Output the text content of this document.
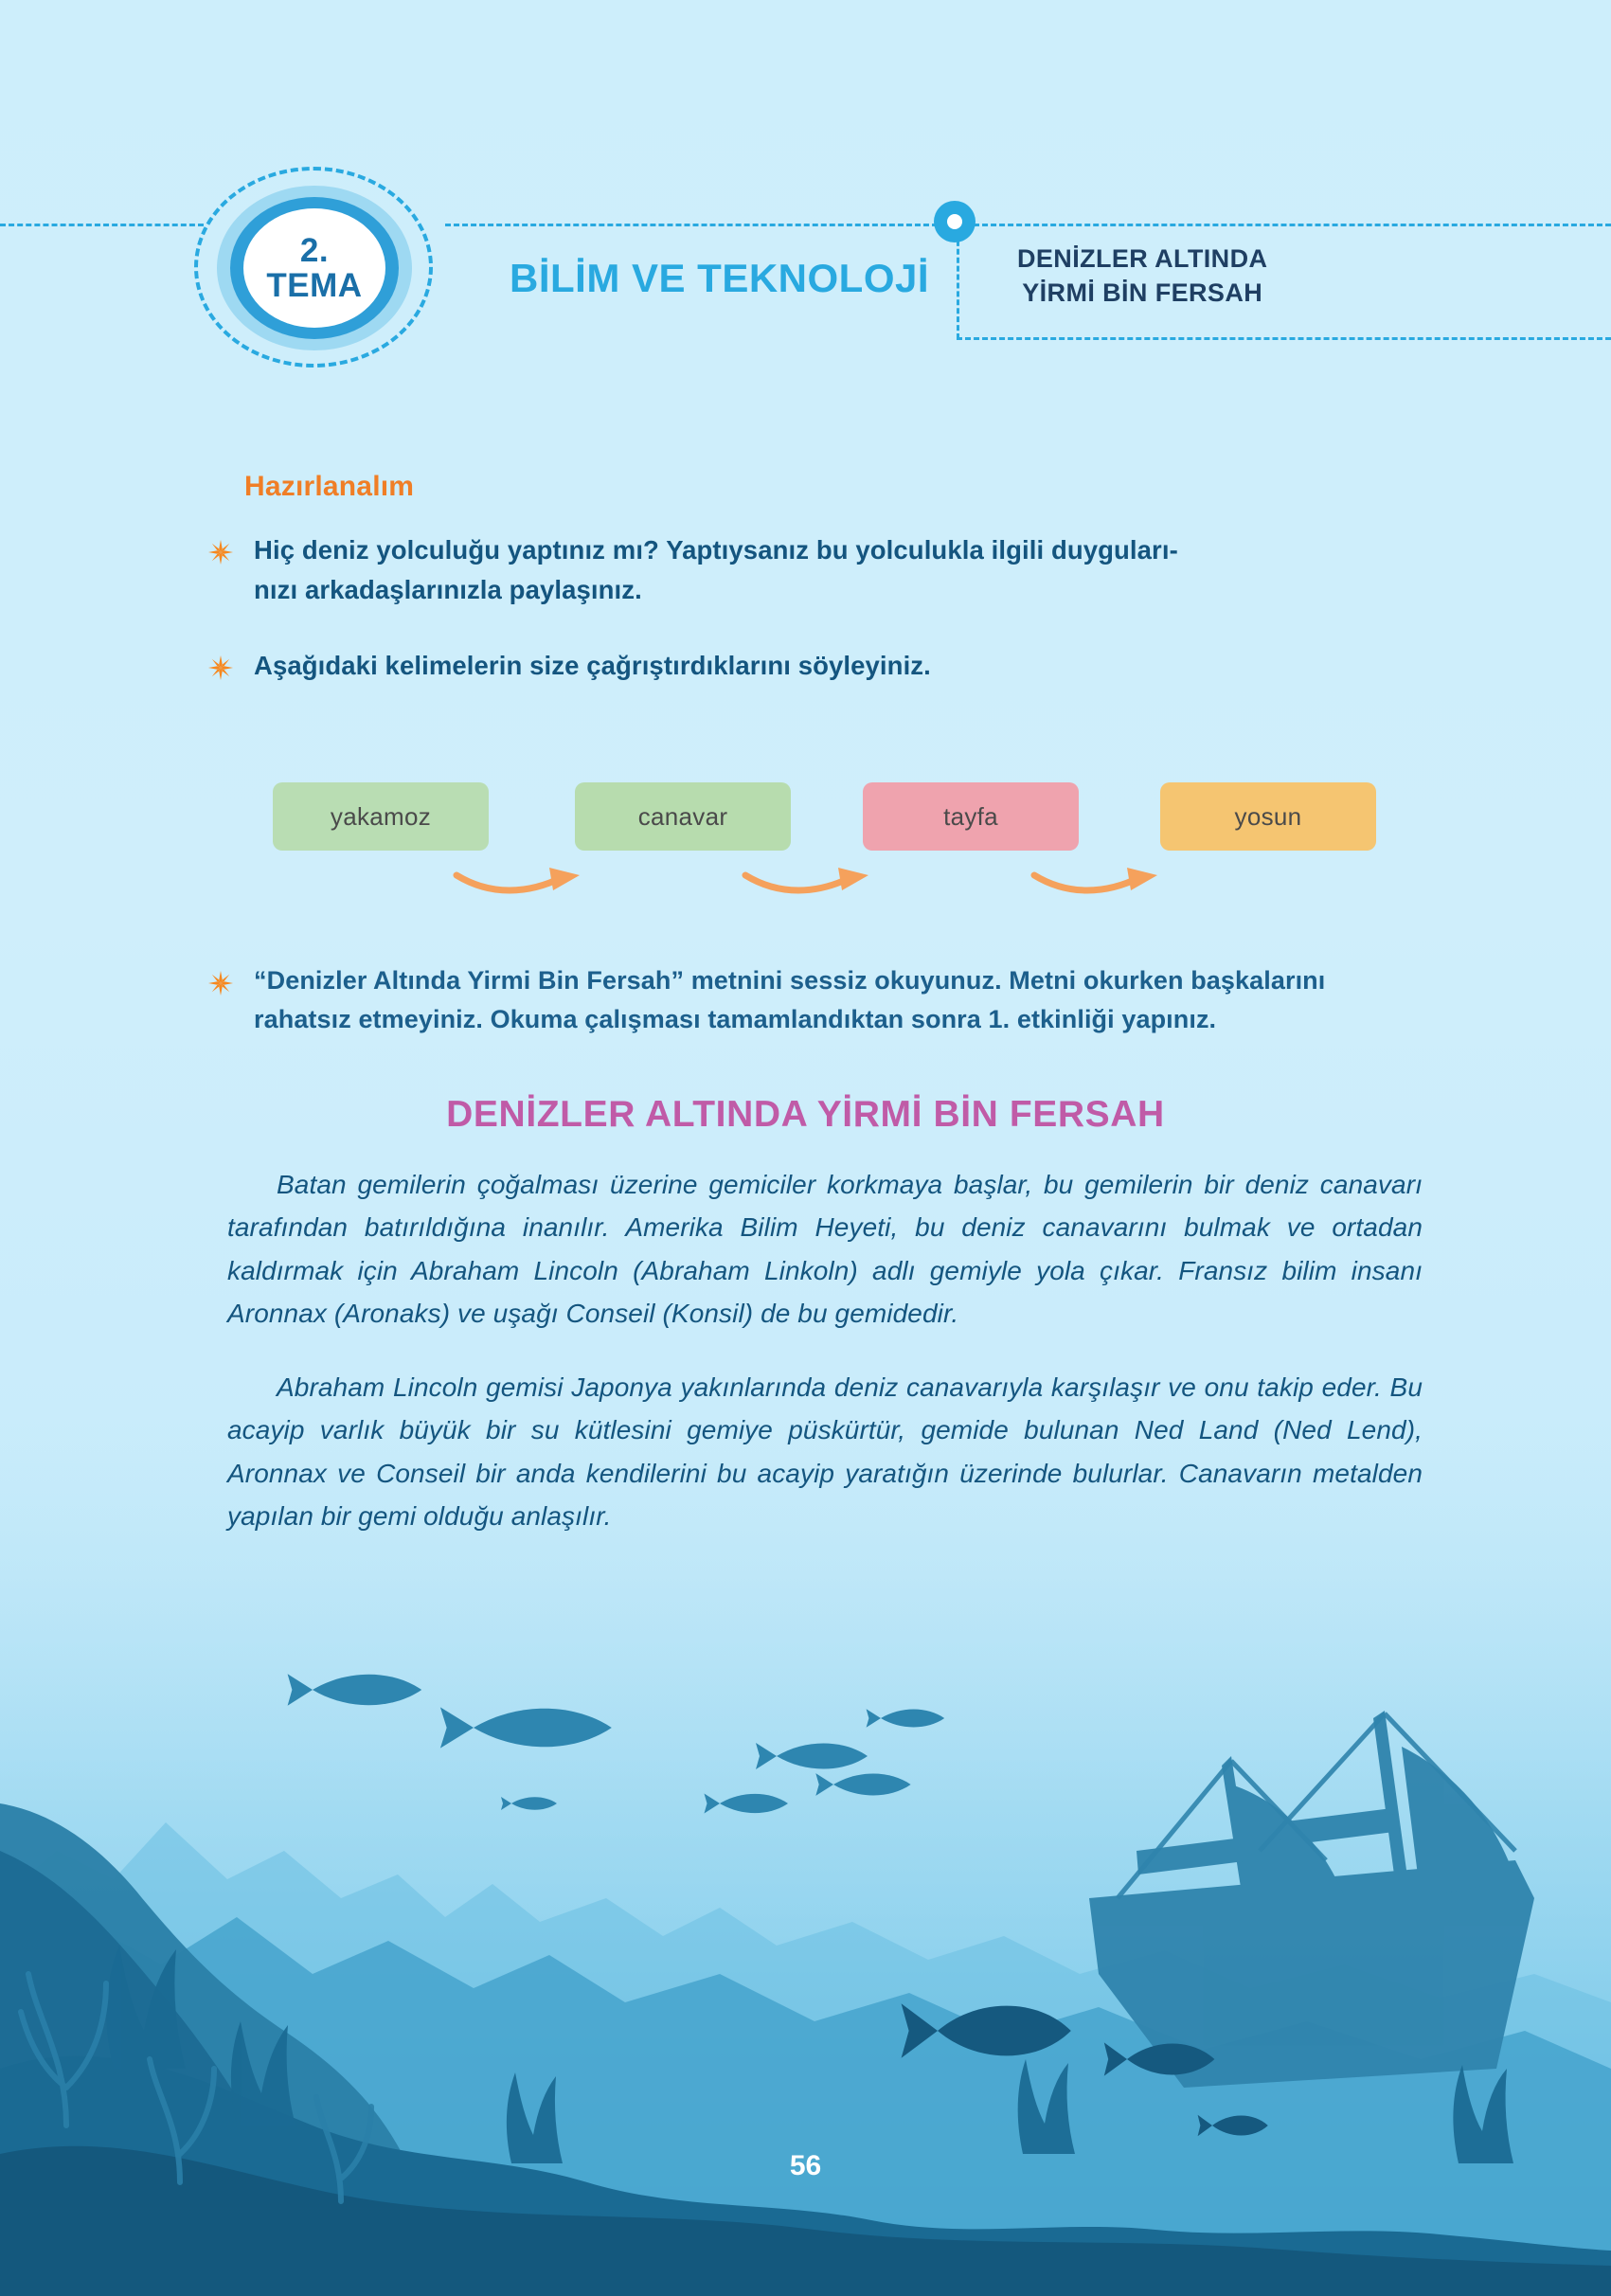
2.
TEMA	BİLİM VE TEKNOLOJİ	DENİZLER ALTINDA
YİRMİ BİN FERSAH
Hazırlanalım
Hiç deniz yolculuğu yaptınız mı? Yaptıysanız bu yolculukla ilgili duyguları-
nızı arkadaşlarınızla paylaşınız.
Aşağıdaki kelimelerin size çağrıştırdıklarını söyleyiniz.
yakamoz	canavar	tayfa	yosun
“Denizler Altında Yirmi Bin Fersah” metnini sessiz okuyunuz. Metni okurken başkalarını
rahatsız etmeyiniz. Okuma çalışması tamamlandıktan sonra 1. etkinliği yapınız.
DENİZLER ALTINDA YİRMİ BİN FERSAH
Batan gemilerin çoğalması üzerine gemiciler korkmaya başlar, bu gemilerin bir deniz canavarı tarafından batırıldığına inanılır. Amerika Bilim Heyeti, bu deniz canavarını bulmak ve ortadan kaldırmak için Abraham Lincoln (Abraham Linkoln) adlı gemiyle yola çıkar. Fransız bilim insanı Aronnax (Aronaks) ve uşağı Conseil (Konsil) de bu gemidedir.
Abraham Lincoln gemisi Japonya yakınlarında deniz canavarıyla karşılaşır ve onu takip eder. Bu acayip varlık büyük bir su kütlesini gemiye püskürtür, gemide bulunan Ned Land (Ned Lend), Aronnax ve Conseil bir anda kendilerini bu acayip yaratığın üzerinde bulurlar. Canavarın metalden yapılan bir gemi olduğu anlaşılır.
56
